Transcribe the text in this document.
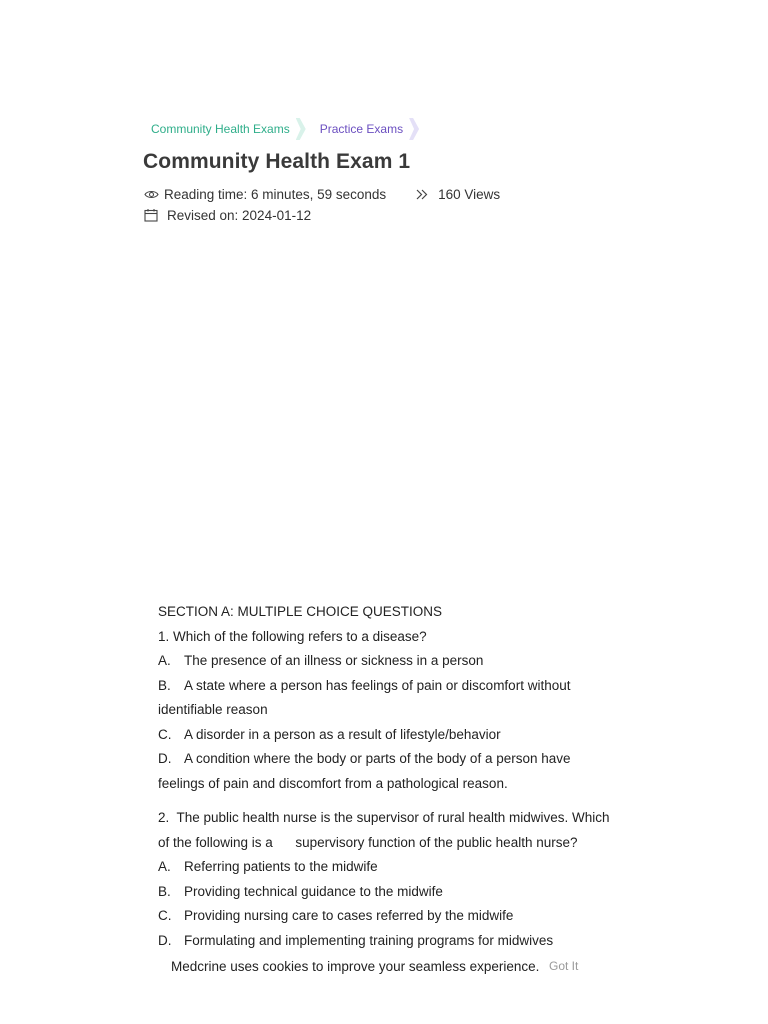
Community Health Exams	Practice Exams
Community Health Exam 1
Reading time: 6 minutes, 59 seconds	160 Views
Revised on: 2024-01-12

SECTION A: MULTIPLE CHOICE QUESTIONS

1. Which of the following refers to a disease?

A. The presence of an illness or sickness in a person

B. A state where a person has feelings of pain or discomfort without

identifiable reason

C. A disorder in a person as a result of lifestyle/behavior

D. A condition where the body or parts of the body of a person have

feelings of pain and discomfort from a pathological reason.

2.  The public health nurse is the supervisor of rural health midwives. Which

of the following is a      supervisory function of the public health nurse?

A. Referring patients to the midwife

B. Providing technical guidance to the midwife

C. Providing nursing care to cases referred by the midwife

D. Formulating and implementing training programs for midwives

Medcrine uses cookies to improve your seamless experience. Got It
